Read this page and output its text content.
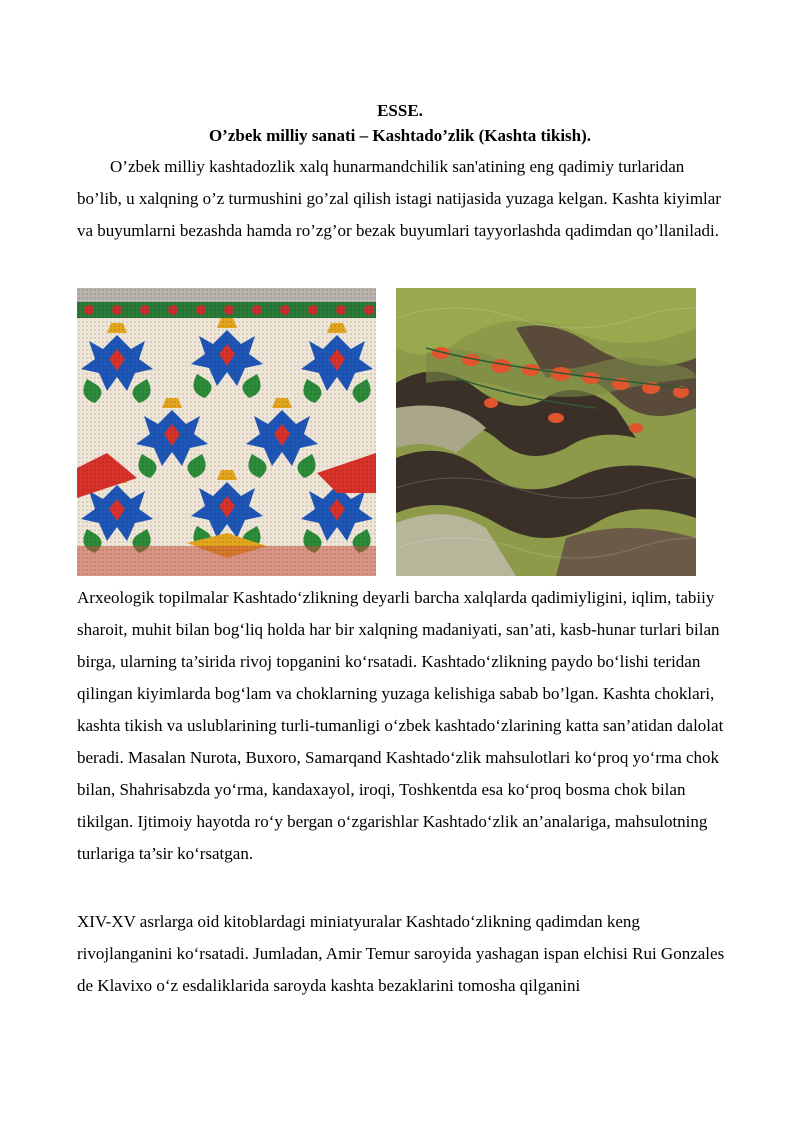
ESSE.
O’zbek milliy sanati – Kashtado’zlik (Kashta tikish).

O’zbek milliy kashtadozlik xalq hunarmandchilik san'atining eng qadimiy turlaridan bo’lib, u xalqning o’z turmushini go’zal qilish istagi natijasida yuzaga kelgan. Kashta kiyimlar va buyumlarni bezashda hamda ro’zg’or bezak buyumlari tayyorlashda qadimdan qo’llaniladi.

Arxeologik topilmalar Kashtado‘zlikning deyarli barcha xalqlarda qadimiyligini, iqlim, tabiiy sharoit, muhit bilan bog‘liq holda har bir xalqning madaniyati, san’ati, kasb-hunar turlari bilan birga, ularning ta’sirida rivoj topganini ko‘rsatadi. Kashtado‘zlikning paydo bo‘lishi teridan qilingan kiyimlarda bog‘lam va choklarning yuzaga kelishiga sabab bo’lgan. Kashta choklari, kashta tikish va uslublarining turli-tumanligi o‘zbek kashtado‘zlarining katta san’atidan dalolat beradi. Masalan Nurota, Buxoro, Samarqand Kashtado‘zlik mahsulotlari ko‘proq yo‘rma chok bilan, Shahrisabzda yo‘rma, kandaxayol, iroqi, Toshkentda esa ko‘proq bosma chok bilan tikilgan. Ijtimoiy hayotda ro‘y bergan o‘zgarishlar Kashtado‘zlik an’analariga, mahsulotning turlariga ta’sir ko‘rsatgan.

XIV-XV asrlarga oid kitoblardagi miniatyuralar Kashtado‘zlikning qadimdan keng rivojlanganini ko‘rsatadi. Jumladan, Amir Temur saroyida yashagan ispan elchisi Rui Gonzales de Klavixo o‘z esdaliklarida saroyda kashta bezaklarini tomosha qilganini
